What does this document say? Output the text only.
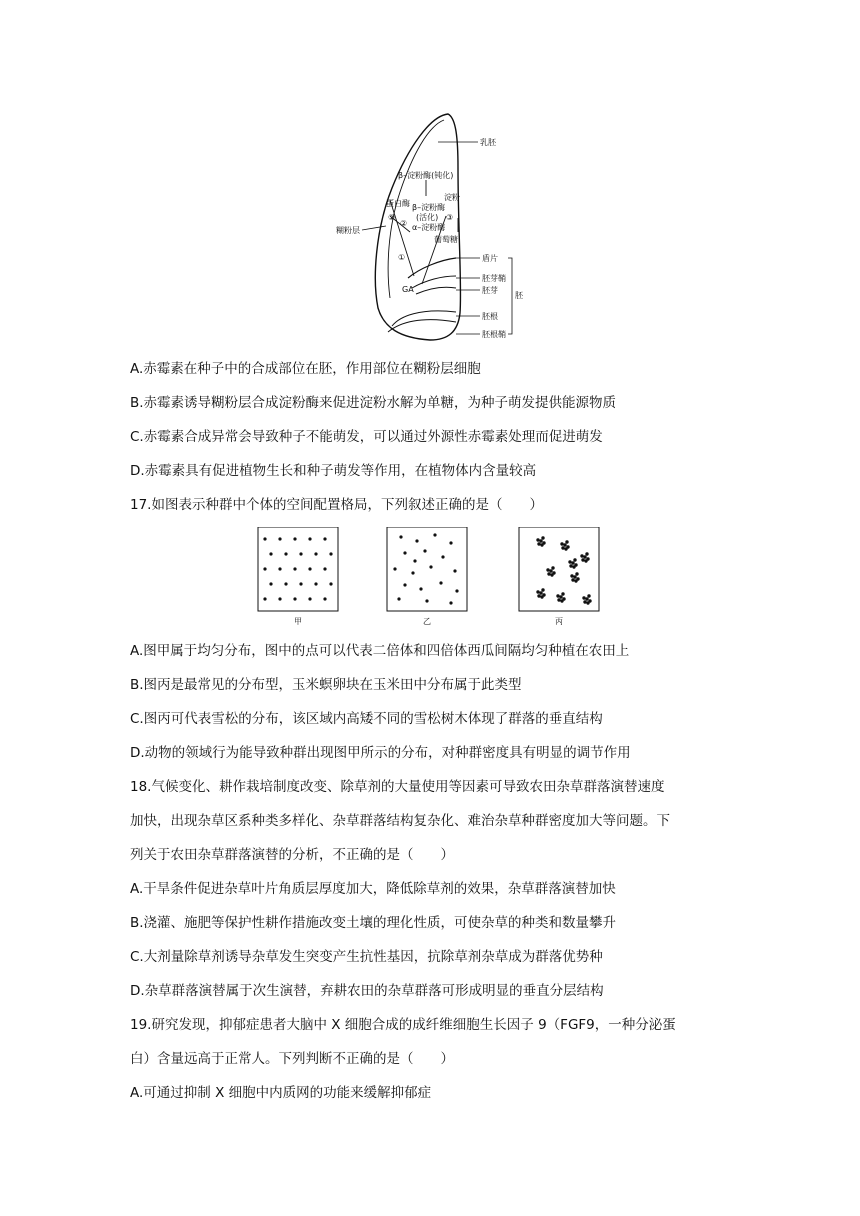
乳胚
β–淀粉酶(钝化)
蛋白酶
淀粉
β–淀粉酶
(活化)
α–淀粉酶
葡萄糖
①
②
②
③
糊粉层
GA
盾片
胚芽鞘
胚芽
胚
胚根
胚根鞘
A.赤霉素在种子中的合成部位在胚，作用部位在糊粉层细胞
B.赤霉素诱导糊粉层合成淀粉酶来促进淀粉水解为单糖，为种子萌发提供能源物质
C.赤霉素合成异常会导致种子不能萌发，可以通过外源性赤霉素处理而促进萌发
D.赤霉素具有促进植物生长和种子萌发等作用，在植物体内含量较高
17.如图表示种群中个体的空间配置格局，下列叙述正确的是（　　）
甲	乙	丙
A.图甲属于均匀分布，图中的点可以代表二倍体和四倍体西瓜间隔均匀种植在农田上
B.图丙是最常见的分布型，玉米螟卵块在玉米田中分布属于此类型
C.图丙可代表雪松的分布，该区域内高矮不同的雪松树木体现了群落的垂直结构
D.动物的领域行为能导致种群出现图甲所示的分布，对种群密度具有明显的调节作用
18.气候变化、耕作栽培制度改变、除草剂的大量使用等因素可导致农田杂草群落演替速度
加快，出现杂草区系种类多样化、杂草群落结构复杂化、难治杂草种群密度加大等问题。下
列关于农田杂草群落演替的分析，不正确的是（　　）
A.干旱条件促进杂草叶片角质层厚度加大，降低除草剂的效果，杂草群落演替加快
B.浇灌、施肥等保护性耕作措施改变土壤的理化性质，可使杂草的种类和数量攀升
C.大剂量除草剂诱导杂草发生突变产生抗性基因，抗除草剂杂草成为群落优势种
D.杂草群落演替属于次生演替，弃耕农田的杂草群落可形成明显的垂直分层结构
19.研究发现，抑郁症患者大脑中 X 细胞合成的成纤维细胞生长因子 9（FGF9，一种分泌蛋
白）含量远高于正常人。下列判断不正确的是（　　）
A.可通过抑制 X 细胞中内质网的功能来缓解抑郁症
